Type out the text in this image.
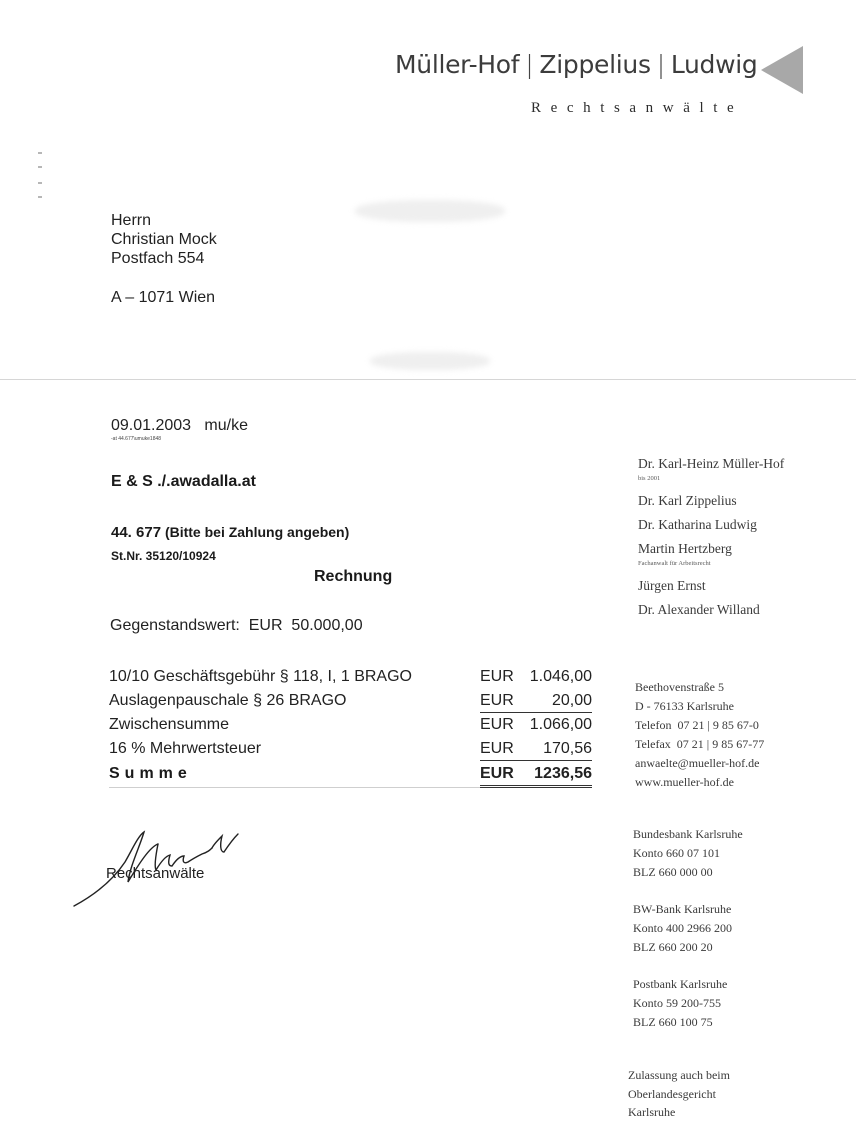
Müller-Hof | Zippelius | Ludwig
Rechtsanwälte
Herrn
Christian Mock
Postfach 554
A – 1071 Wien
09.01.2003 mu/ke
-at 44.677\umuke1848
E & S ./.awadalla.at
44. 677 (Bitte bei Zahlung angeben)
St.Nr. 35120/10924
Rechnung
Gegenstandswert:  EUR  50.000,00
10/10 Geschäftsgebühr § 118, I, 1 BRAGO	EUR 1.046,00
Auslagenpauschale § 26 BRAGO	EUR 20,00
Zwischensumme	EUR 1.066,00
16 % Mehrwertsteuer	EUR 170,56
Summe	EUR 1236,56
Rechtsanwälte
Dr. Karl-Heinz Müller-Hof
bis 2001
Dr. Karl Zippelius
Dr. Katharina Ludwig
Martin Hertzberg
Fachanwalt für Arbeitsrecht
Jürgen Ernst
Dr. Alexander Willand
Beethovenstraße 5
D - 76133 Karlsruhe
Telefon  07 21 | 9 85 67-0
Telefax  07 21 | 9 85 67-77
anwaelte@mueller-hof.de
www.mueller-hof.de
Bundesbank Karlsruhe
Konto 660 07 101
BLZ 660 000 00
BW-Bank Karlsruhe
Konto 400 2966 200
BLZ 660 200 20
Postbank Karlsruhe
Konto 59 200-755
BLZ 660 100 75
Zulassung auch beim
Oberlandesgericht
Karlsruhe
